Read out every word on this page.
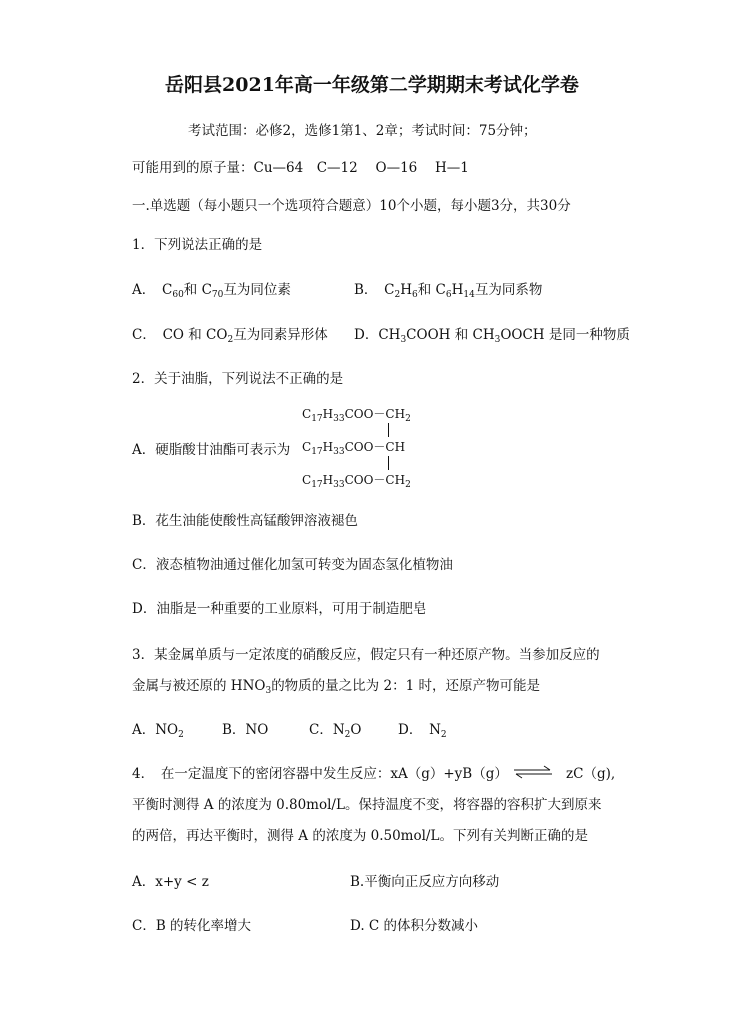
岳阳县2021年高一年级第二学期期末考试化学卷
考试范围：必修2，选修1第1、2章；考试时间：75分钟；
可能用到的原子量：Cu—64　C—12　 O—16　 H—1
一.单选题（每小题只一个选项符合题意）10个小题，每小题3分，共30分
1．下列说法正确的是
A．　$C_{60}$和 $C_{70}$互为同位素	B．　$C_2H_6$和 $C_6H_{14}$互为同系物
C．　CO 和 $CO_2$互为同素异形体 D．$CH_3COOH$ 和 $CH_3OOCH$ 是同一种物质
2．关于油脂，下列说法不正确的是
A．硬脂酸甘油酯可表示为
$C_{17}H_{33}COO-CH_2$
$C_{17}H_{33}COO-CH$
$C_{17}H_{33}COO-CH_2$
B．花生油能使酸性高锰酸钾溶液褪色
C．液态植物油通过催化加氢可转变为固态氢化植物油
D．油脂是一种重要的工业原料，可用于制造肥皂
3．某金属单质与一定浓度的硝酸反应，假定只有一种还原产物。当参加反应的
金属与被还原的 $HNO_3$的物质的量之比为 2：1 时，还原产物可能是
A．$NO_2$	B．NO	C．$N_2O$	D．　$N_2$
4．　在一定温度下的密闭容器中发生反应：xA（g）+yB（g） ⇌ zC（g),
平衡时测得 A 的浓度为 0.80mol/L。保持温度不变，将容器的容积扩大到原来
的两倍，再达平衡时，测得 A 的浓度为 0.50mol/L。下列有关判断正确的是
A．x+y < z	B.平衡向正反应方向移动
C．B 的转化率增大	D. C 的体积分数减小
